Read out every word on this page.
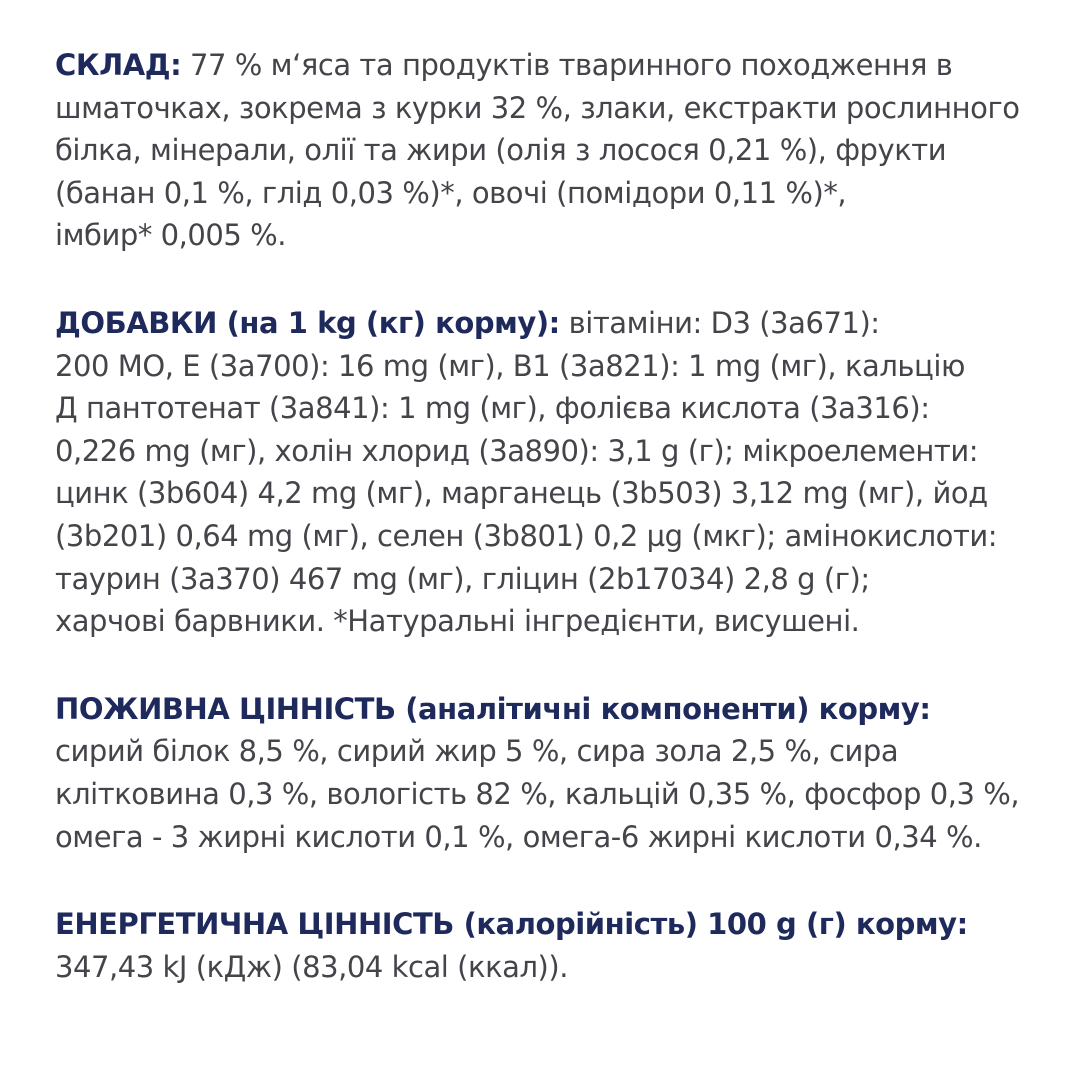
СКЛАД: 77 % м‘яса та продуктів тваринного походження в
шматочках, зокрема з курки 32 %, злаки, екстракти рослинного
білка, мінерали, олії та жири (олія з лосося 0,21 %), фрукти
(банан 0,1 %, глід 0,03 %)*, овочі (помідори 0,11 %)*,
імбир* 0,005 %.

ДОБАВКИ (на 1 kg (кг) корму): вітаміни: D3 (3a671):
200 МО, Е (3a700): 16 mg (мг), B1 (3a821): 1 mg (мг), кальцію
Д пантотенат (3a841): 1 mg (мг), фолієва кислота (3a316):
0,226 mg (мг), холін хлорид (3a890): 3,1 g (г); мікроелементи:
цинк (3b604) 4,2 mg (мг), марганець (3b503) 3,12 mg (мг), йод
(3b201) 0,64 mg (мг), селен (3b801) 0,2 µg (мкг); амінокислоти:
таурин (3a370) 467 mg (мг), гліцин (2b17034) 2,8 g (г);
харчові барвники. *Натуральні інгредієнти, висушені.

ПОЖИВНА ЦІННІСТЬ (аналітичні компоненти) корму:
сирий білок 8,5 %, сирий жир 5 %, сира зола 2,5 %, сира
клітковина 0,3 %, вологість 82 %, кальцій 0,35 %, фосфор 0,3 %,
омега - 3 жирні кислоти 0,1 %, омега-6 жирні кислоти 0,34 %.

ЕНЕРГЕТИЧНА ЦІННІСТЬ (калорійність) 100 g (г) корму:
347,43 kJ (кДж) (83,04 kcal (ккал)).
